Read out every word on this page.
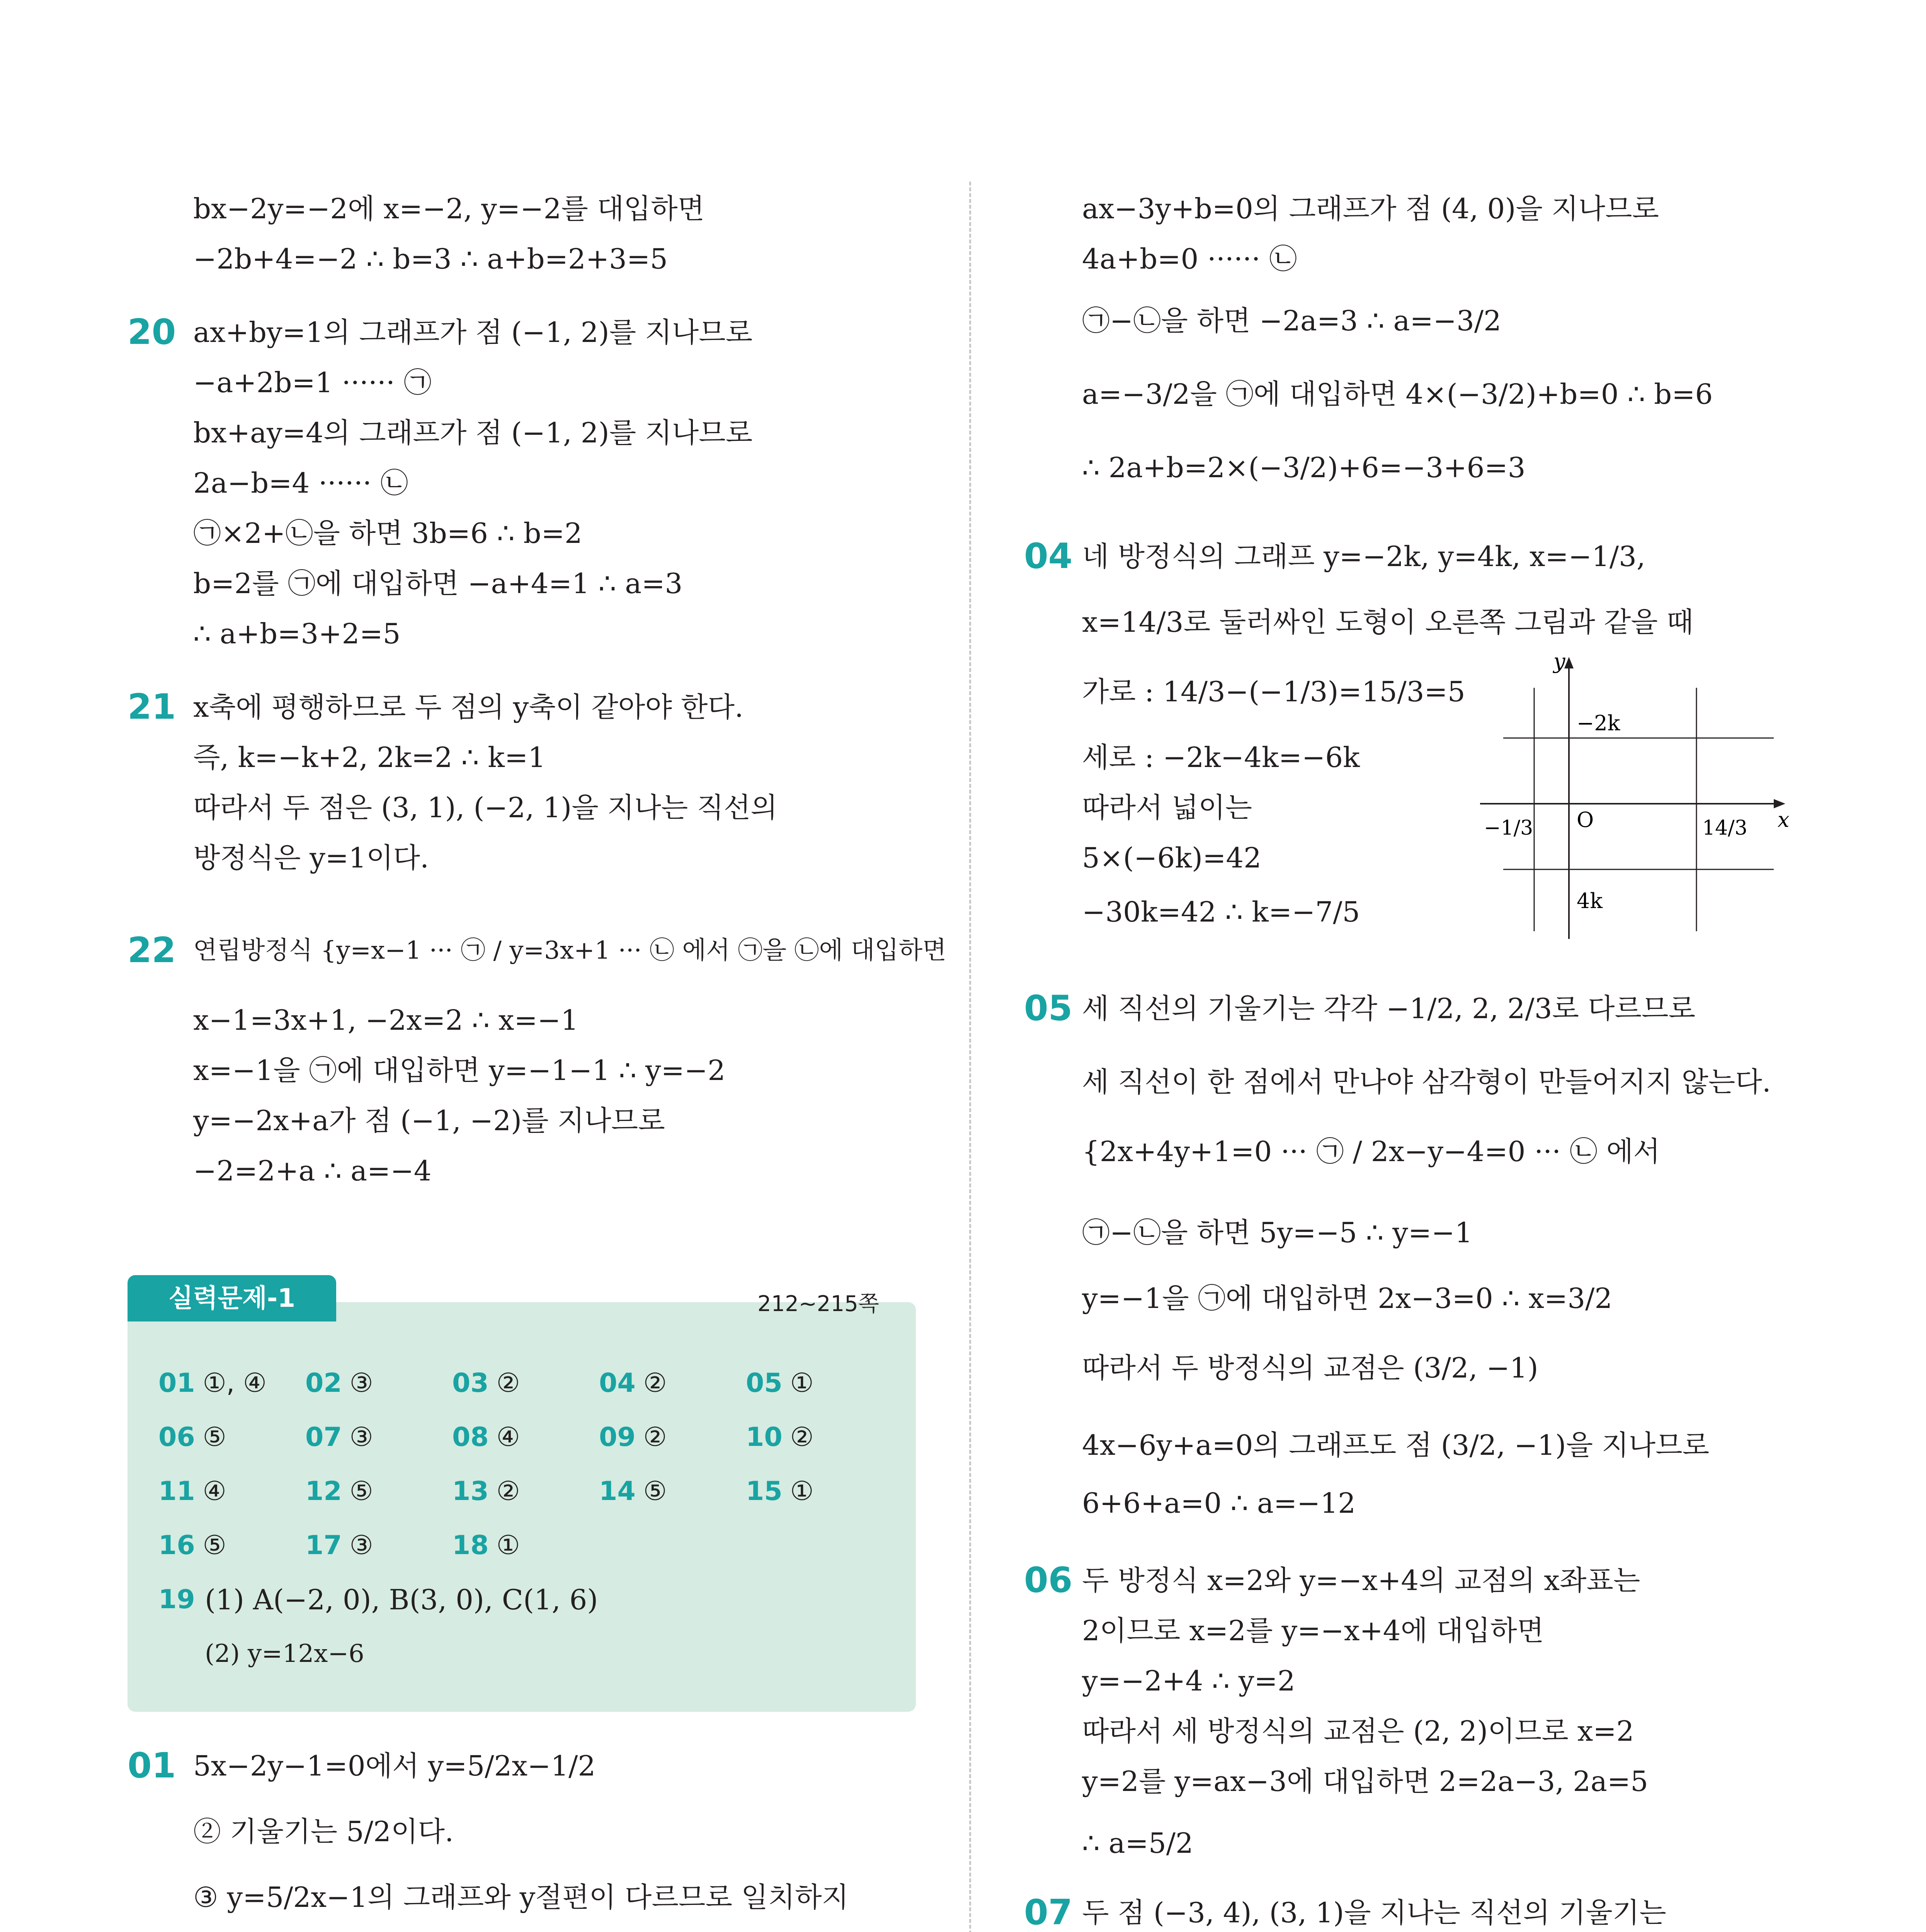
bx−2y=−2에 x=−2, y=−2를 대입하면
−2b+4=−2 ∴ b=3 ∴ a+b=2+3=5
20 ax+by=1의 그래프가 점 (−1, 2)를 지나므로
−a+2b=1 ······ ㉠
bx+ay=4의 그래프가 점 (−1, 2)를 지나므로
2a−b=4 ······ ㉡
㉠×2+㉡을 하면 3b=6 ∴ b=2
b=2를 ㉠에 대입하면 −a+4=1 ∴ a=3
∴ a+b=3+2=5
21 x축에 평행하므로 두 점의 y축이 같아야 한다.
즉, k=−k+2, 2k=2 ∴ k=1
따라서 두 점은 (3, 1), (−2, 1)을 지나는 직선의
방정식은 y=1이다.
22 연립방정식 {y=x−1 ··· ㉠ / y=3x+1 ··· ㉡ 에서 ㉠을 ㉡에 대입하면
x−1=3x+1, −2x=2 ∴ x=−1
x=−1을 ㉠에 대입하면 y=−1−1 ∴ y=−2
y=−2x+a가 점 (−1, −2)를 지나므로
−2=2+a ∴ a=−4
실력문제-1	212~215쪽
01 ①, ④ 02 ③	03 ②	04 ②	05 ①
06 ⑤	07 ③	08 ④	09 ②	10 ②
11 ④	12 ⑤	13 ②	14 ⑤	15 ①
16 ⑤	17 ③	18 ①
19 (1) A(−2, 0), B(3, 0), C(1, 6)
(2) y=12x−6
01 5x−2y−1=0에서 y=5/2x−1/2
② 기울기는 5/2이다.
③ y=5/2x−1의 그래프와 y절편이 다르므로 일치하지
ax−3y+b=0의 그래프가 점 (4, 0)을 지나므로
4a+b=0 ······ ㉡
㉠−㉡을 하면 −2a=3 ∴ a=−3/2
a=−3/2을 ㉠에 대입하면 4×(−3/2)+b=0 ∴ b=6
∴ 2a+b=2×(−3/2)+6=−3+6=3
04 네 방정식의 그래프 y=−2k, y=4k, x=−1/3,
x=14/3로 둘러싸인 도형이 오른쪽 그림과 같을 때
가로 : 14/3−(−1/3)=15/3=5
세로 : −2k−4k=−6k
따라서 넓이는
5×(−6k)=42
−30k=42 ∴ k=−7/5
y
x
O
−2k
4k
−1/3	14/3
05 세 직선의 기울기는 각각 −1/2, 2, 2/3로 다르므로
세 직선이 한 점에서 만나야 삼각형이 만들어지지 않는다.
{2x+4y+1=0 ··· ㉠ / 2x−y−4=0 ··· ㉡ 에서
㉠−㉡을 하면 5y=−5 ∴ y=−1
y=−1을 ㉠에 대입하면 2x−3=0 ∴ x=3/2
따라서 두 방정식의 교점은 (3/2, −1)
4x−6y+a=0의 그래프도 점 (3/2, −1)을 지나므로
6+6+a=0 ∴ a=−12
06 두 방정식 x=2와 y=−x+4의 교점의 x좌표는
2이므로 x=2를 y=−x+4에 대입하면
y=−2+4 ∴ y=2
따라서 세 방정식의 교점은 (2, 2)이므로 x=2
y=2를 y=ax−3에 대입하면 2=2a−3, 2a=5
∴ a=5/2
07 두 점 (−3, 4), (3, 1)을 지나는 직선의 기울기는
